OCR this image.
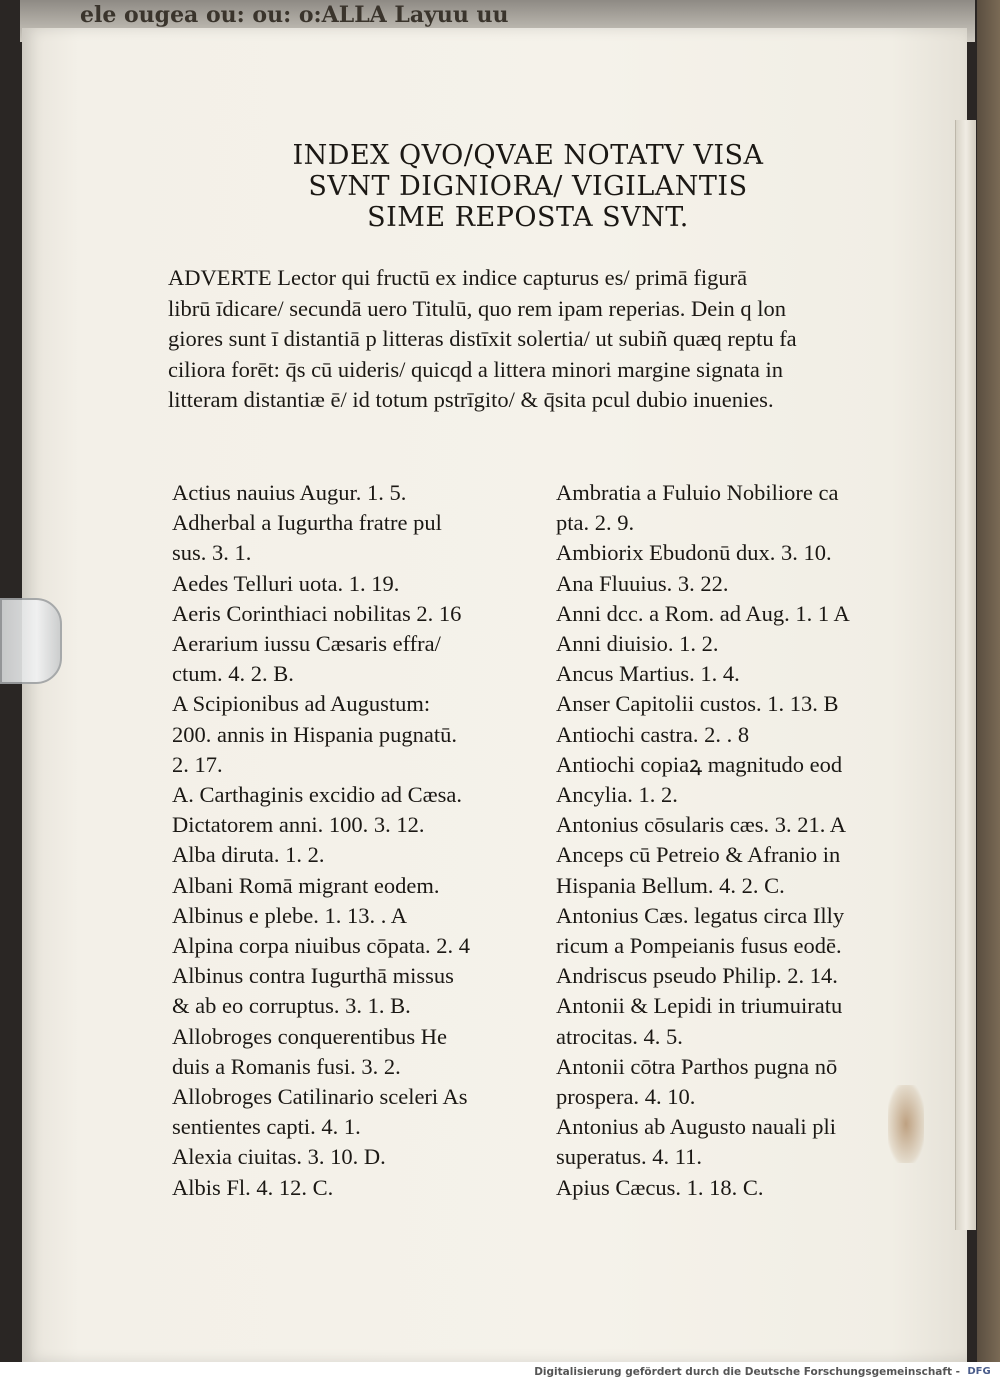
ele ougea ou: ou: o:ALLA Layuu uu
INDEX QVO/QVAE NOTATV VISA
SVNT DIGNIORA/ VIGILANTIS
SIME REPOSTA SVNT.
ADVERTE Lector qui fructū ex indice capturus es/ primā figurā
librū īdicare/ secundā uero Titulū, quo rem ipam reperias. Dein q lon
giores sunt ī distantiā p litteras distīxit solertia/ ut subiñ quæq reptu fa
ciliora forēt: q̄s cū uideris/ quicqd a littera minori margine signata in
litteram distantiæ ē/ id totum pstrīgito/ & q̄sita pcul dubio inuenies.
Actius nauius Augur. 1. 5.
Adherbal a Iugurtha fratre pul
sus. 3. 1.
Aedes Telluri uota. 1. 19.
Aeris Corinthiaci nobilitas 2. 16
Aerarium iussu Cæsaris effra/
ctum. 4. 2. B.
A Scipionibus ad Augustum:
200. annis in Hispania pugnatū.
2. 17.
A. Carthaginis excidio ad Cæsa.
Dictatorem anni. 100. 3. 12.
Alba diruta. 1. 2.
Albani Romā migrant eodem.
Albinus e plebe. 1. 13. . A
Alpina corpa niuibus cōpata. 2. 4
Albinus contra Iugurthā missus
& ab eo corruptus. 3. 1. B.
Allobroges conquerentibus He
duis a Romanis fusi. 3. 2.
Allobroges Catilinario sceleri As
sentientes capti. 4. 1.
Alexia ciuitas. 3. 10. D.
Albis Fl. 4. 12. C.
Ambratia a Fuluio Nobiliore ca
pta. 2. 9.
Ambiorix Ebudonū dux. 3. 10.
Ana Fluuius. 3. 22.
Anni dcc. a Rom. ad Aug. 1. 1 A
Anni diuisio. 1. 2.
Ancus Martius. 1. 4.
Anser Capitolii custos. 1. 13. B
Antiochi castra. 2. . 8
Antiochi copiaꝝ magnitudo eod
Ancylia. 1. 2.
Antonius cōsularis cæs. 3. 21. A
Anceps cū Petreio & Afranio in
Hispania Bellum. 4. 2. C.
Antonius Cæs. legatus circa Illy
ricum a Pompeianis fusus eodē.
Andriscus pseudo Philip. 2. 14.
Antonii & Lepidi in triumuiratu
atrocitas. 4. 5.
Antonii cōtra Parthos pugna nō
prospera. 4. 10.
Antonius ab Augusto nauali pli
superatus. 4. 11.
Apius Cæcus. 1. 18. C.
Digitalisierung gefördert durch die Deutsche Forschungsgemeinschaft - DFG
